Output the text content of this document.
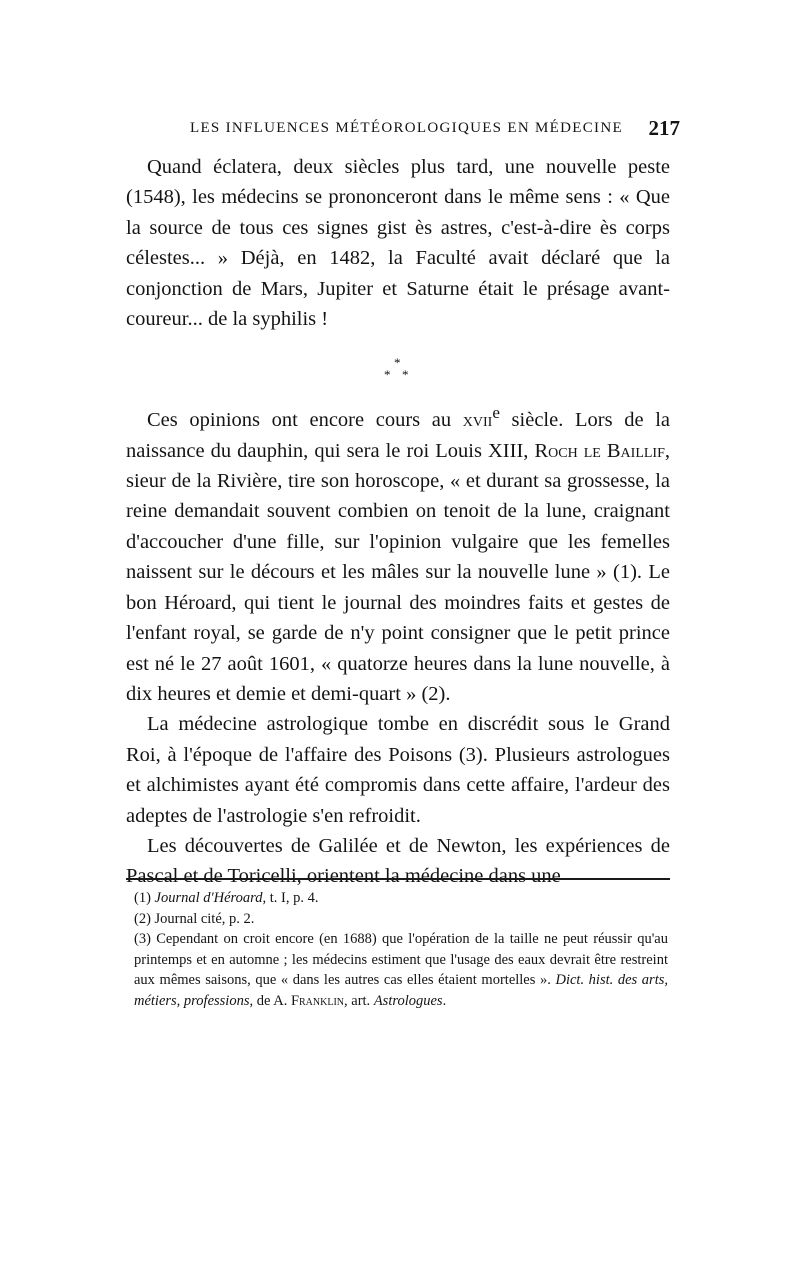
LES INFLUENCES MÉTÉOROLOGIQUES EN MÉDECINE 217

Quand éclatera, deux siècles plus tard, une nouvelle peste (1548), les médecins se prononceront dans le même sens : « Que la source de tous ces signes gist ès astres, c'est-à-dire ès corps célestes... » Déjà, en 1482, la Faculté avait déclaré que la conjonction de Mars, Jupiter et Saturne était le présage avant-coureur... de la syphilis !

*
* *

Ces opinions ont encore cours au xvii$^e$ siècle. Lors de la naissance du dauphin, qui sera le roi Louis XIII, Roch le Baillif, sieur de la Rivière, tire son horoscope, « et durant sa grossesse, la reine demandait souvent combien on tenoit de la lune, craignant d'accoucher d'une fille, sur l'opinion vulgaire que les femelles naissent sur le décours et les mâles sur la nouvelle lune » (1). Le bon Héroard, qui tient le journal des moindres faits et gestes de l'enfant royal, se garde de n'y point consigner que le petit prince est né le 27 août 1601, « quatorze heures dans la lune nouvelle, à dix heures et demie et demi-quart » (2).

La médecine astrologique tombe en discrédit sous le Grand Roi, à l'époque de l'affaire des Poisons (3). Plusieurs astrologues et alchimistes ayant été compromis dans cette affaire, l'ardeur des adeptes de l'astrologie s'en refroidit.

Les découvertes de Galilée et de Newton, les expériences de Pascal et de Toricelli, orientent la médecine dans une

(1) Journal d'Héroard, t. I, p. 4.

(2) Journal cité, p. 2.

(3) Cependant on croit encore (en 1688) que l'opération de la taille ne peut réussir qu'au printemps et en automne ; les médecins estiment que l'usage des eaux devrait être restreint aux mêmes saisons, que « dans les autres cas elles étaient mortelles ». Dict. hist. des arts, métiers, professions, de A. Franklin, art. Astrologues.
